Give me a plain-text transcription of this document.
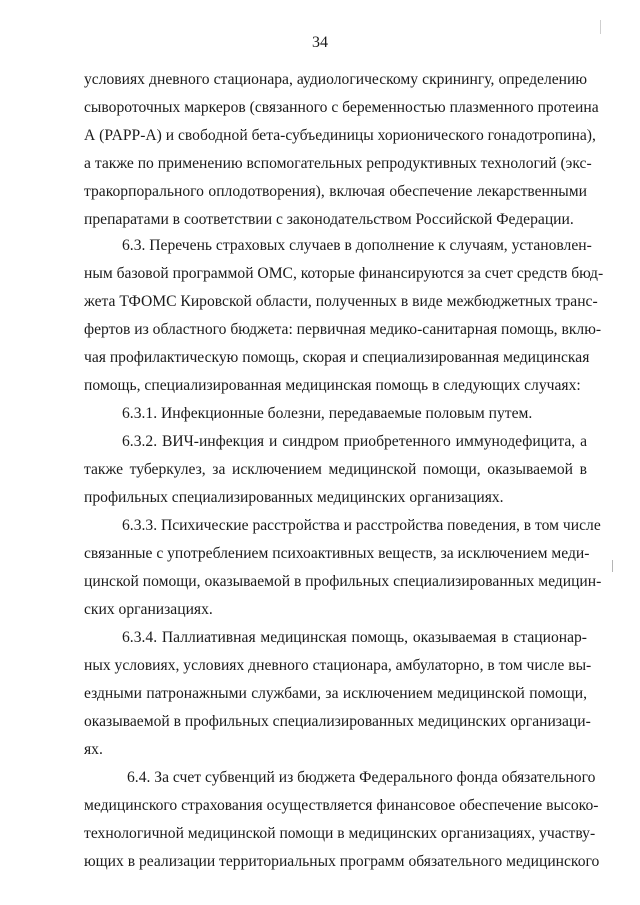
34
условиях дневного стационара, аудиологическому скринингу, определению
сывороточных маркеров (связанного с беременностью плазменного протеина
А (PAPP-A) и свободной бета-субъединицы хорионического гонадотропина),
а также по применению вспомогательных репродуктивных технологий (экс-
тракорпорального оплодотворения), включая обеспечение лекарственными
препаратами в соответствии с законодательством Российской Федерации.
6.3. Перечень страховых случаев в дополнение к случаям, установлен-
ным базовой программой ОМС, которые финансируются за счет средств бюд-
жета ТФОМС Кировской области, полученных в виде межбюджетных транс-
фертов из областного бюджета: первичная медико-санитарная помощь, вклю-
чая профилактическую помощь, скорая и специализированная медицинская
помощь, специализированная медицинская помощь в следующих случаях:
6.3.1. Инфекционные болезни, передаваемые половым путем.
6.3.2. ВИЧ-инфекция и синдром приобретенного иммунодефицита, а
также туберкулез, за исключением медицинской помощи, оказываемой в
профильных специализированных медицинских организациях.
6.3.3. Психические расстройства и расстройства поведения, в том числе
связанные с употреблением психоактивных веществ, за исключением меди-
цинской помощи, оказываемой в профильных специализированных медицин-
ских организациях.
6.3.4. Паллиативная медицинская помощь, оказываемая в стационар-
ных условиях, условиях дневного стационара, амбулаторно, в том числе вы-
ездными патронажными службами, за исключением медицинской помощи,
оказываемой в профильных специализированных медицинских организаци-
ях.
6.4. За счет субвенций из бюджета Федерального фонда обязательного
медицинского страхования осуществляется финансовое обеспечение высоко-
технологичной медицинской помощи в медицинских организациях, участву-
ющих в реализации территориальных программ обязательного медицинского
